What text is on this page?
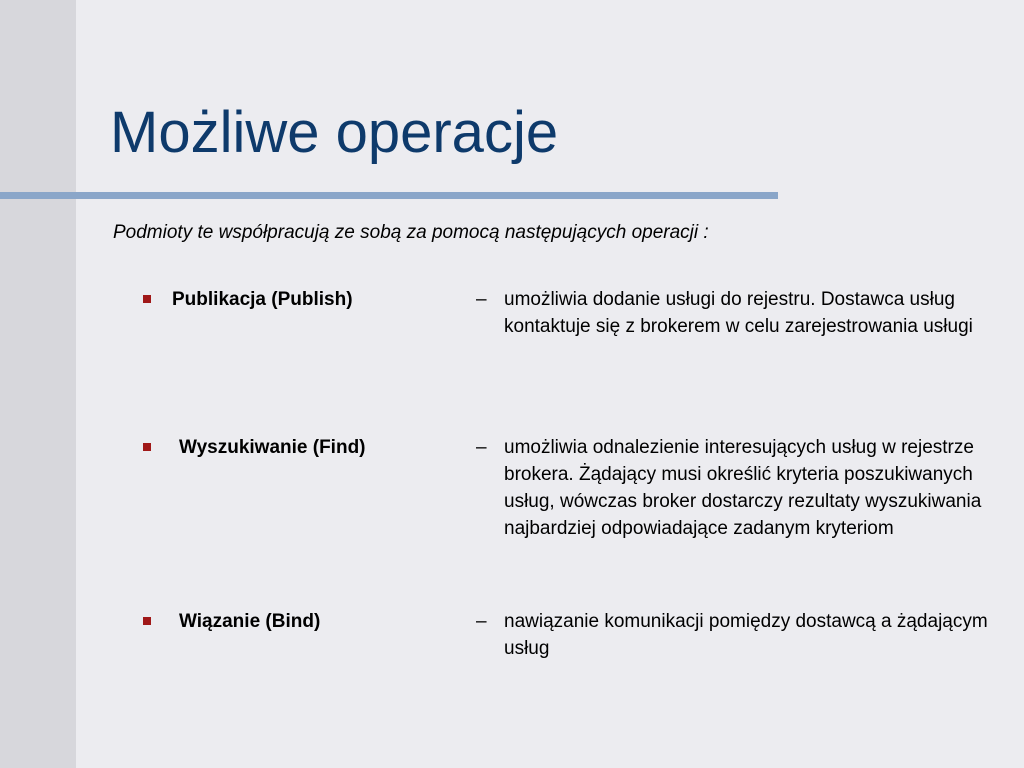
Możliwe operacje
Podmioty te współpracują ze sobą za pomocą następujących operacji :
Publikacja (Publish)	– umożliwia dodanie usługi do rejestru. Dostawca usług kontaktuje się z brokerem w celu zarejestrowania usługi
Wyszukiwanie (Find)	– umożliwia odnalezienie interesujących usług w rejestrze brokera. Żądający musi określić kryteria poszukiwanych usług, wówczas broker dostarczy rezultaty wyszukiwania najbardziej odpowiadające zadanym kryteriom
Wiązanie (Bind)	– nawiązanie komunikacji pomiędzy dostawcą a żądającym usług
